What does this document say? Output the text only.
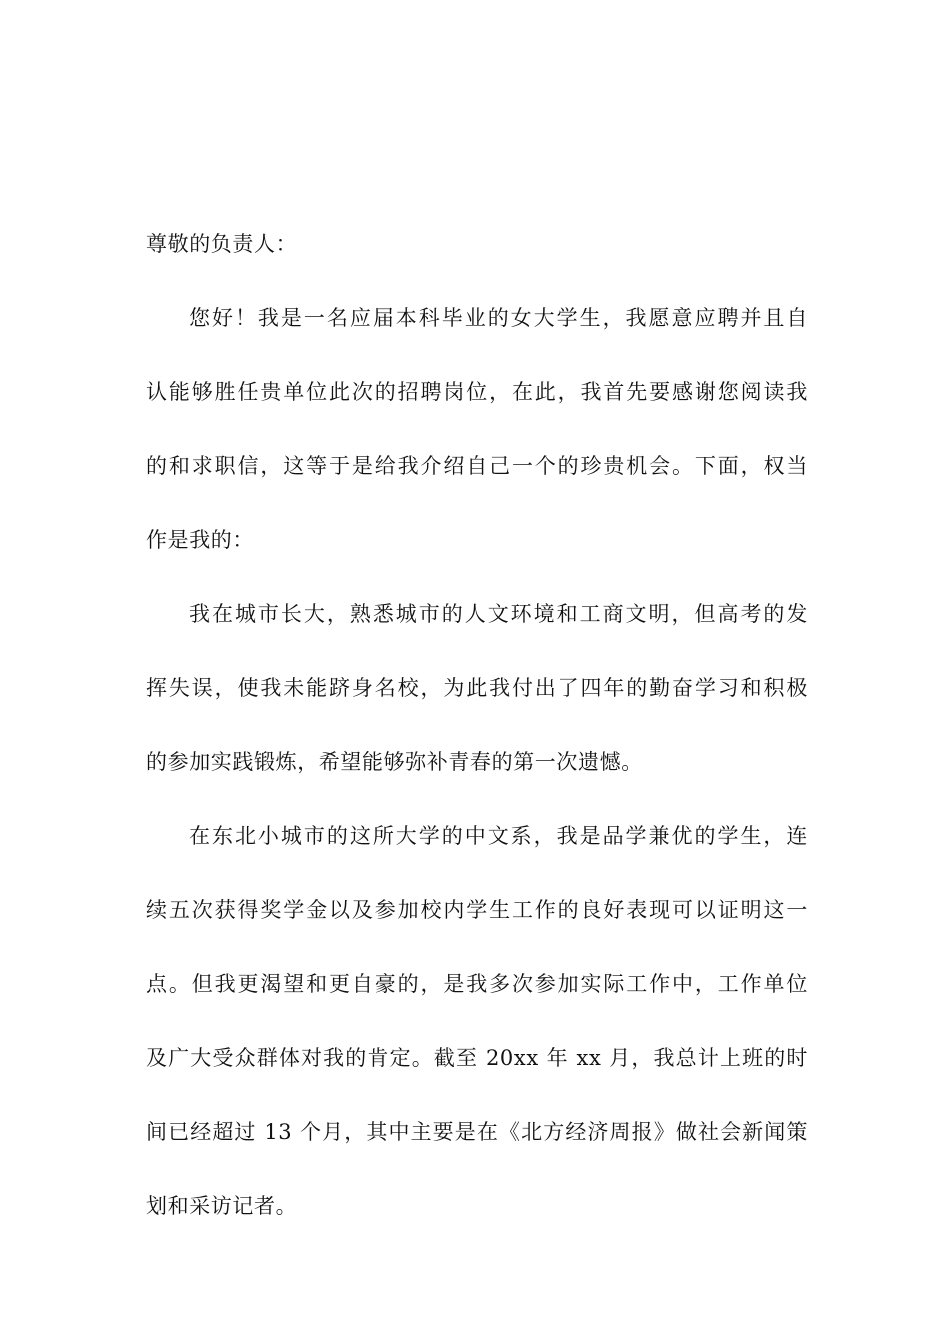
尊敬的负责人：
您好！我是一名应届本科毕业的女大学生，我愿意应聘并且自
认能够胜任贵单位此次的招聘岗位，在此，我首先要感谢您阅读我
的和求职信，这等于是给我介绍自己一个的珍贵机会。下面，权当
作是我的：
我在城市长大，熟悉城市的人文环境和工商文明，但高考的发
挥失误，使我未能跻身名校，为此我付出了四年的勤奋学习和积极
的参加实践锻炼，希望能够弥补青春的第一次遗憾。
在东北小城市的这所大学的中文系，我是品学兼优的学生，连
续五次获得奖学金以及参加校内学生工作的良好表现可以证明这一
点。但我更渴望和更自豪的，是我多次参加实际工作中，工作单位
及广大受众群体对我的肯定。截至 20xx 年 xx 月，我总计上班的时
间已经超过 13 个月，其中主要是在《北方经济周报》做社会新闻策
划和采访记者。
